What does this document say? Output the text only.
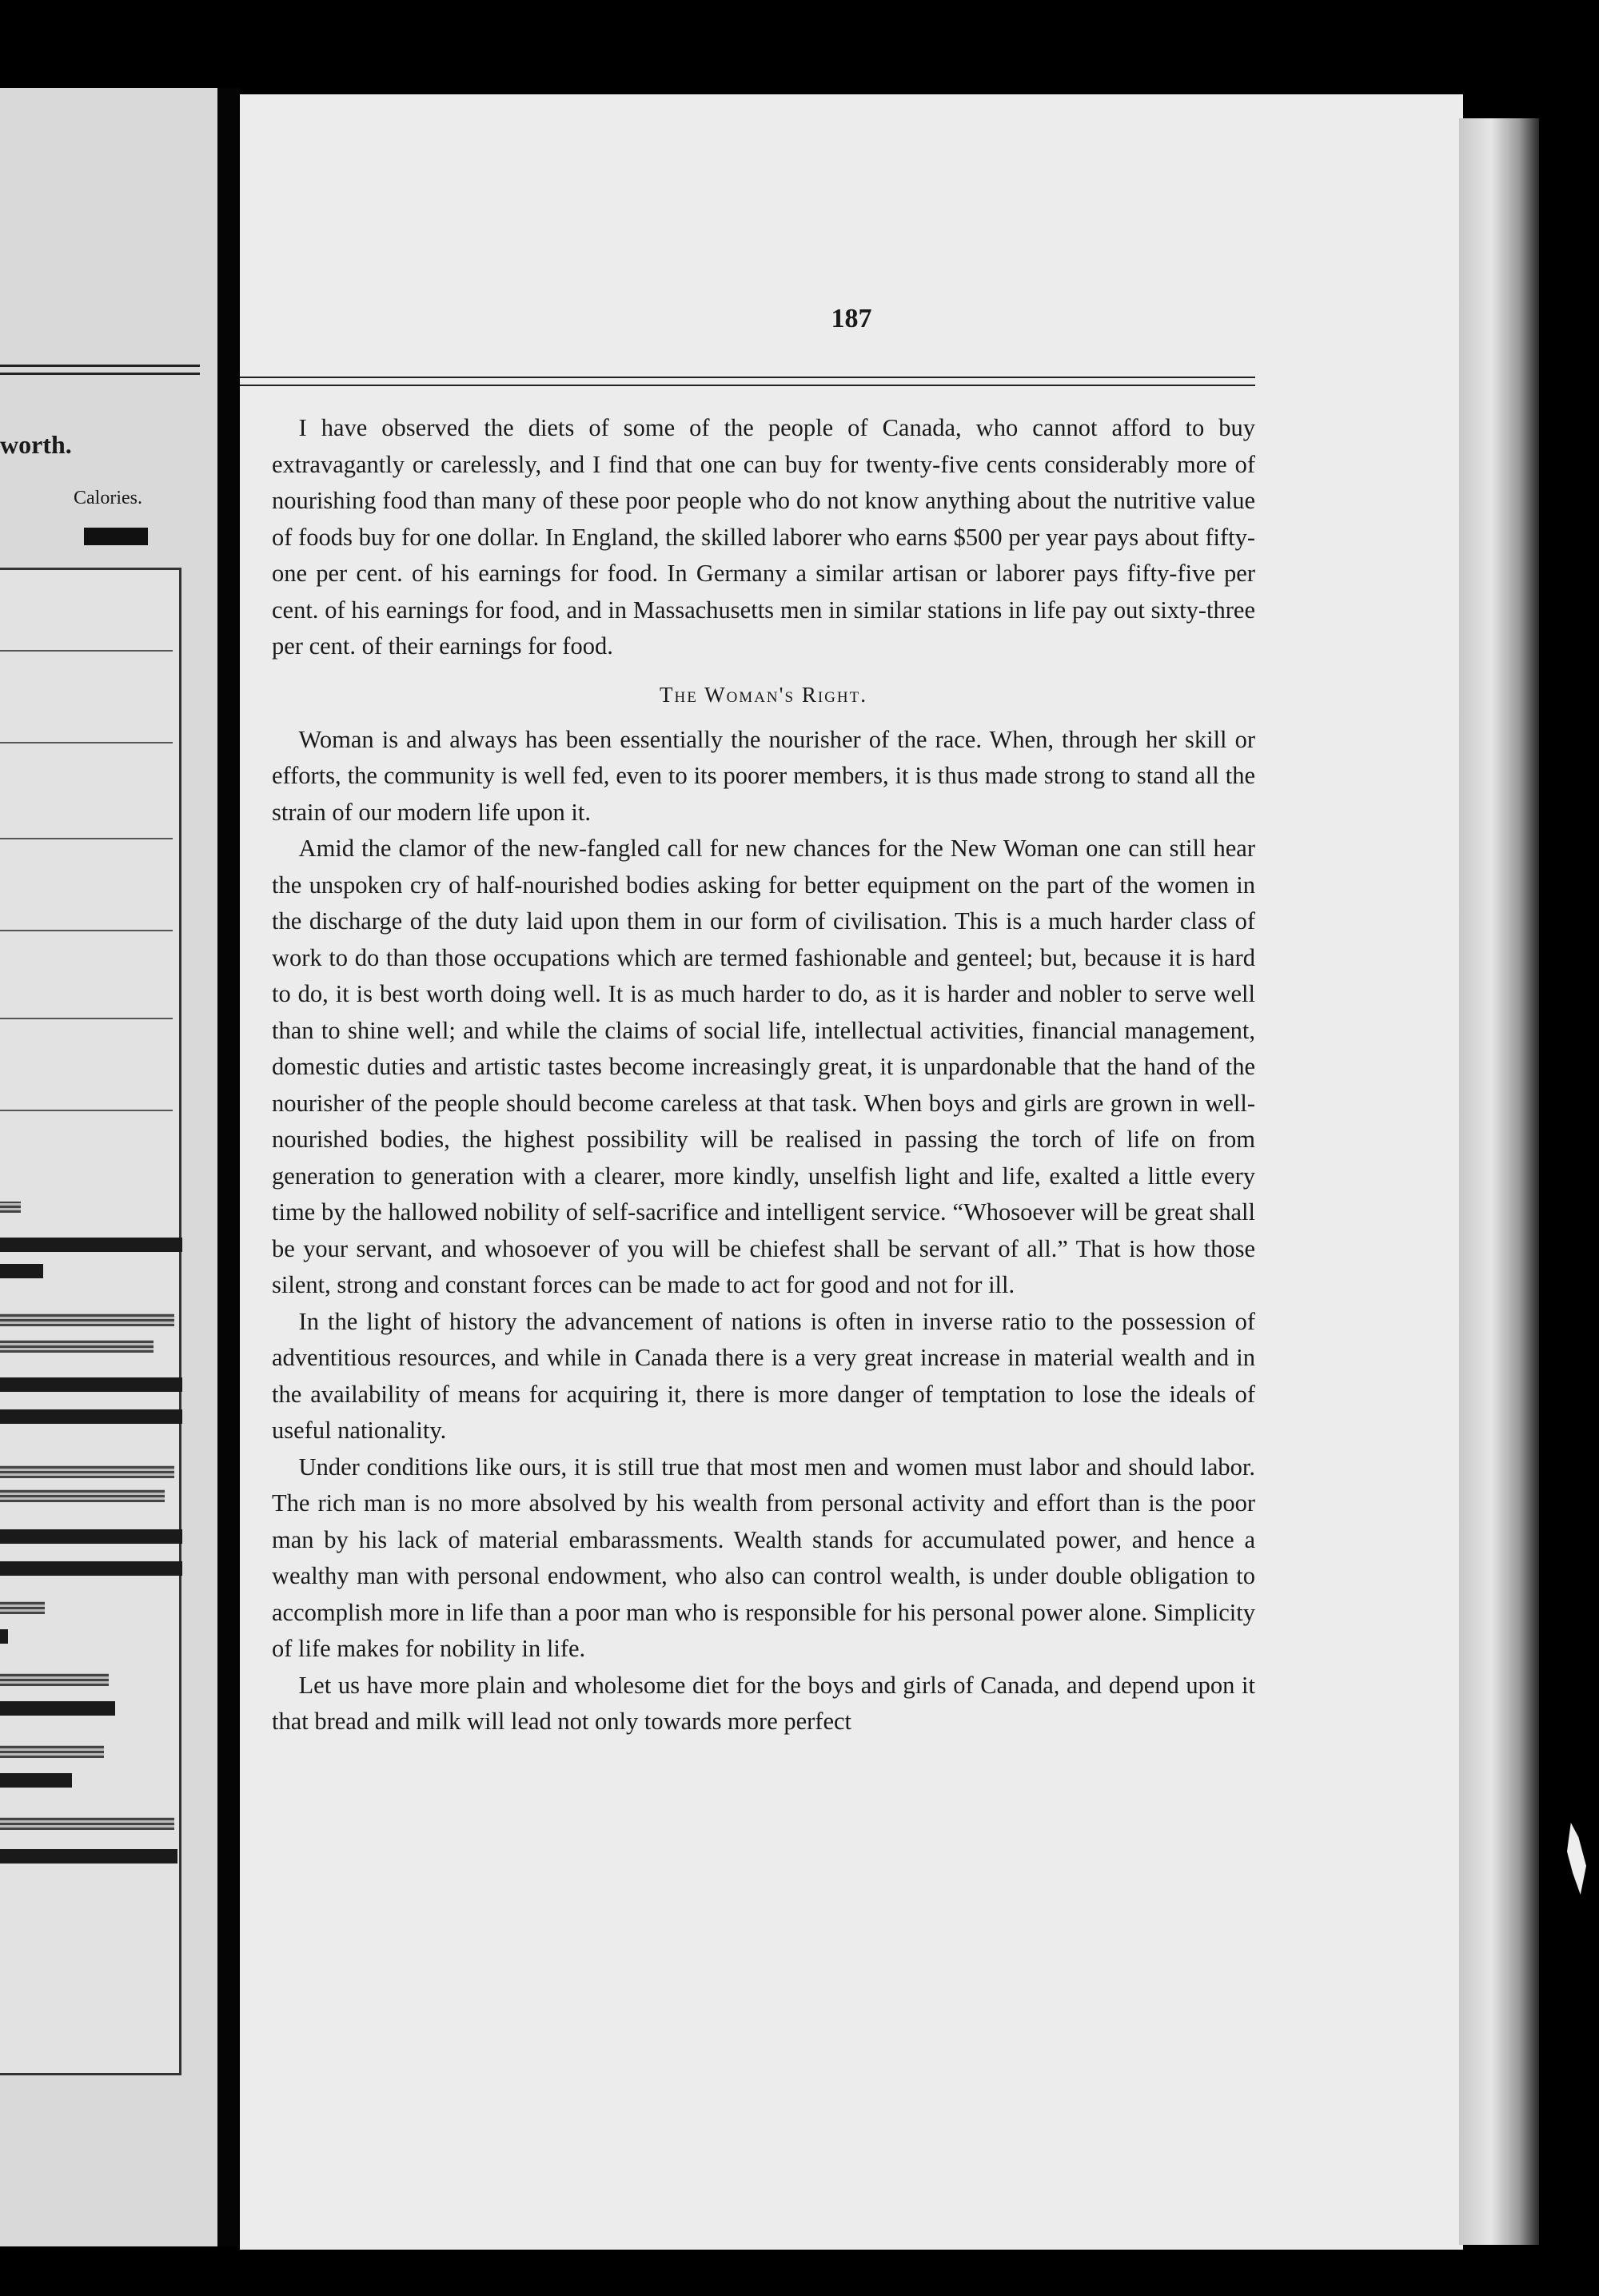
worth.
Calories.
187

I have observed the diets of some of the people of Canada, who cannot afford to buy extravagantly or carelessly, and I find that one can buy for twenty-five cents considerably more of nourishing food than many of these poor people who do not know anything about the nutritive value of foods buy for one dollar. In England, the skilled laborer who earns $500 per year pays about fifty-one per cent. of his earnings for food. In Germany a similar artisan or laborer pays fifty-five per cent. of his earnings for food, and in Massachusetts men in similar stations in life pay out sixty-three per cent. of their earnings for food.

The Woman's Right.

Woman is and always has been essentially the nourisher of the race. When, through her skill or efforts, the community is well fed, even to its poorer members, it is thus made strong to stand all the strain of our modern life upon it.

Amid the clamor of the new-fangled call for new chances for the New Woman one can still hear the unspoken cry of half-nourished bodies asking for better equipment on the part of the women in the discharge of the duty laid upon them in our form of civilisation. This is a much harder class of work to do than those occupations which are termed fashionable and genteel; but, because it is hard to do, it is best worth doing well. It is as much harder to do, as it is harder and nobler to serve well than to shine well; and while the claims of social life, intellectual activities, financial management, domestic duties and artistic tastes become increasingly great, it is unpardonable that the hand of the nourisher of the people should become careless at that task. When boys and girls are grown in well-nourished bodies, the highest possibility will be realised in passing the torch of life on from generation to generation with a clearer, more kindly, unselfish light and life, exalted a little every time by the hallowed nobility of self-sacrifice and intelligent service. “Whosoever will be great shall be your servant, and whosoever of you will be chiefest shall be servant of all.” That is how those silent, strong and constant forces can be made to act for good and not for ill.

In the light of history the advancement of nations is often in inverse ratio to the possession of adventitious resources, and while in Canada there is a very great increase in material wealth and in the availability of means for acquiring it, there is more danger of temptation to lose the ideals of useful nationality.

Under conditions like ours, it is still true that most men and women must labor and should labor. The rich man is no more absolved by his wealth from personal activity and effort than is the poor man by his lack of material embarassments. Wealth stands for accumulated power, and hence a wealthy man with personal endowment, who also can control wealth, is under double obligation to accomplish more in life than a poor man who is responsible for his personal power alone. Simplicity of life makes for nobility in life.

Let us have more plain and wholesome diet for the boys and girls of Canada, and depend upon it that bread and milk will lead not only towards more perfect
